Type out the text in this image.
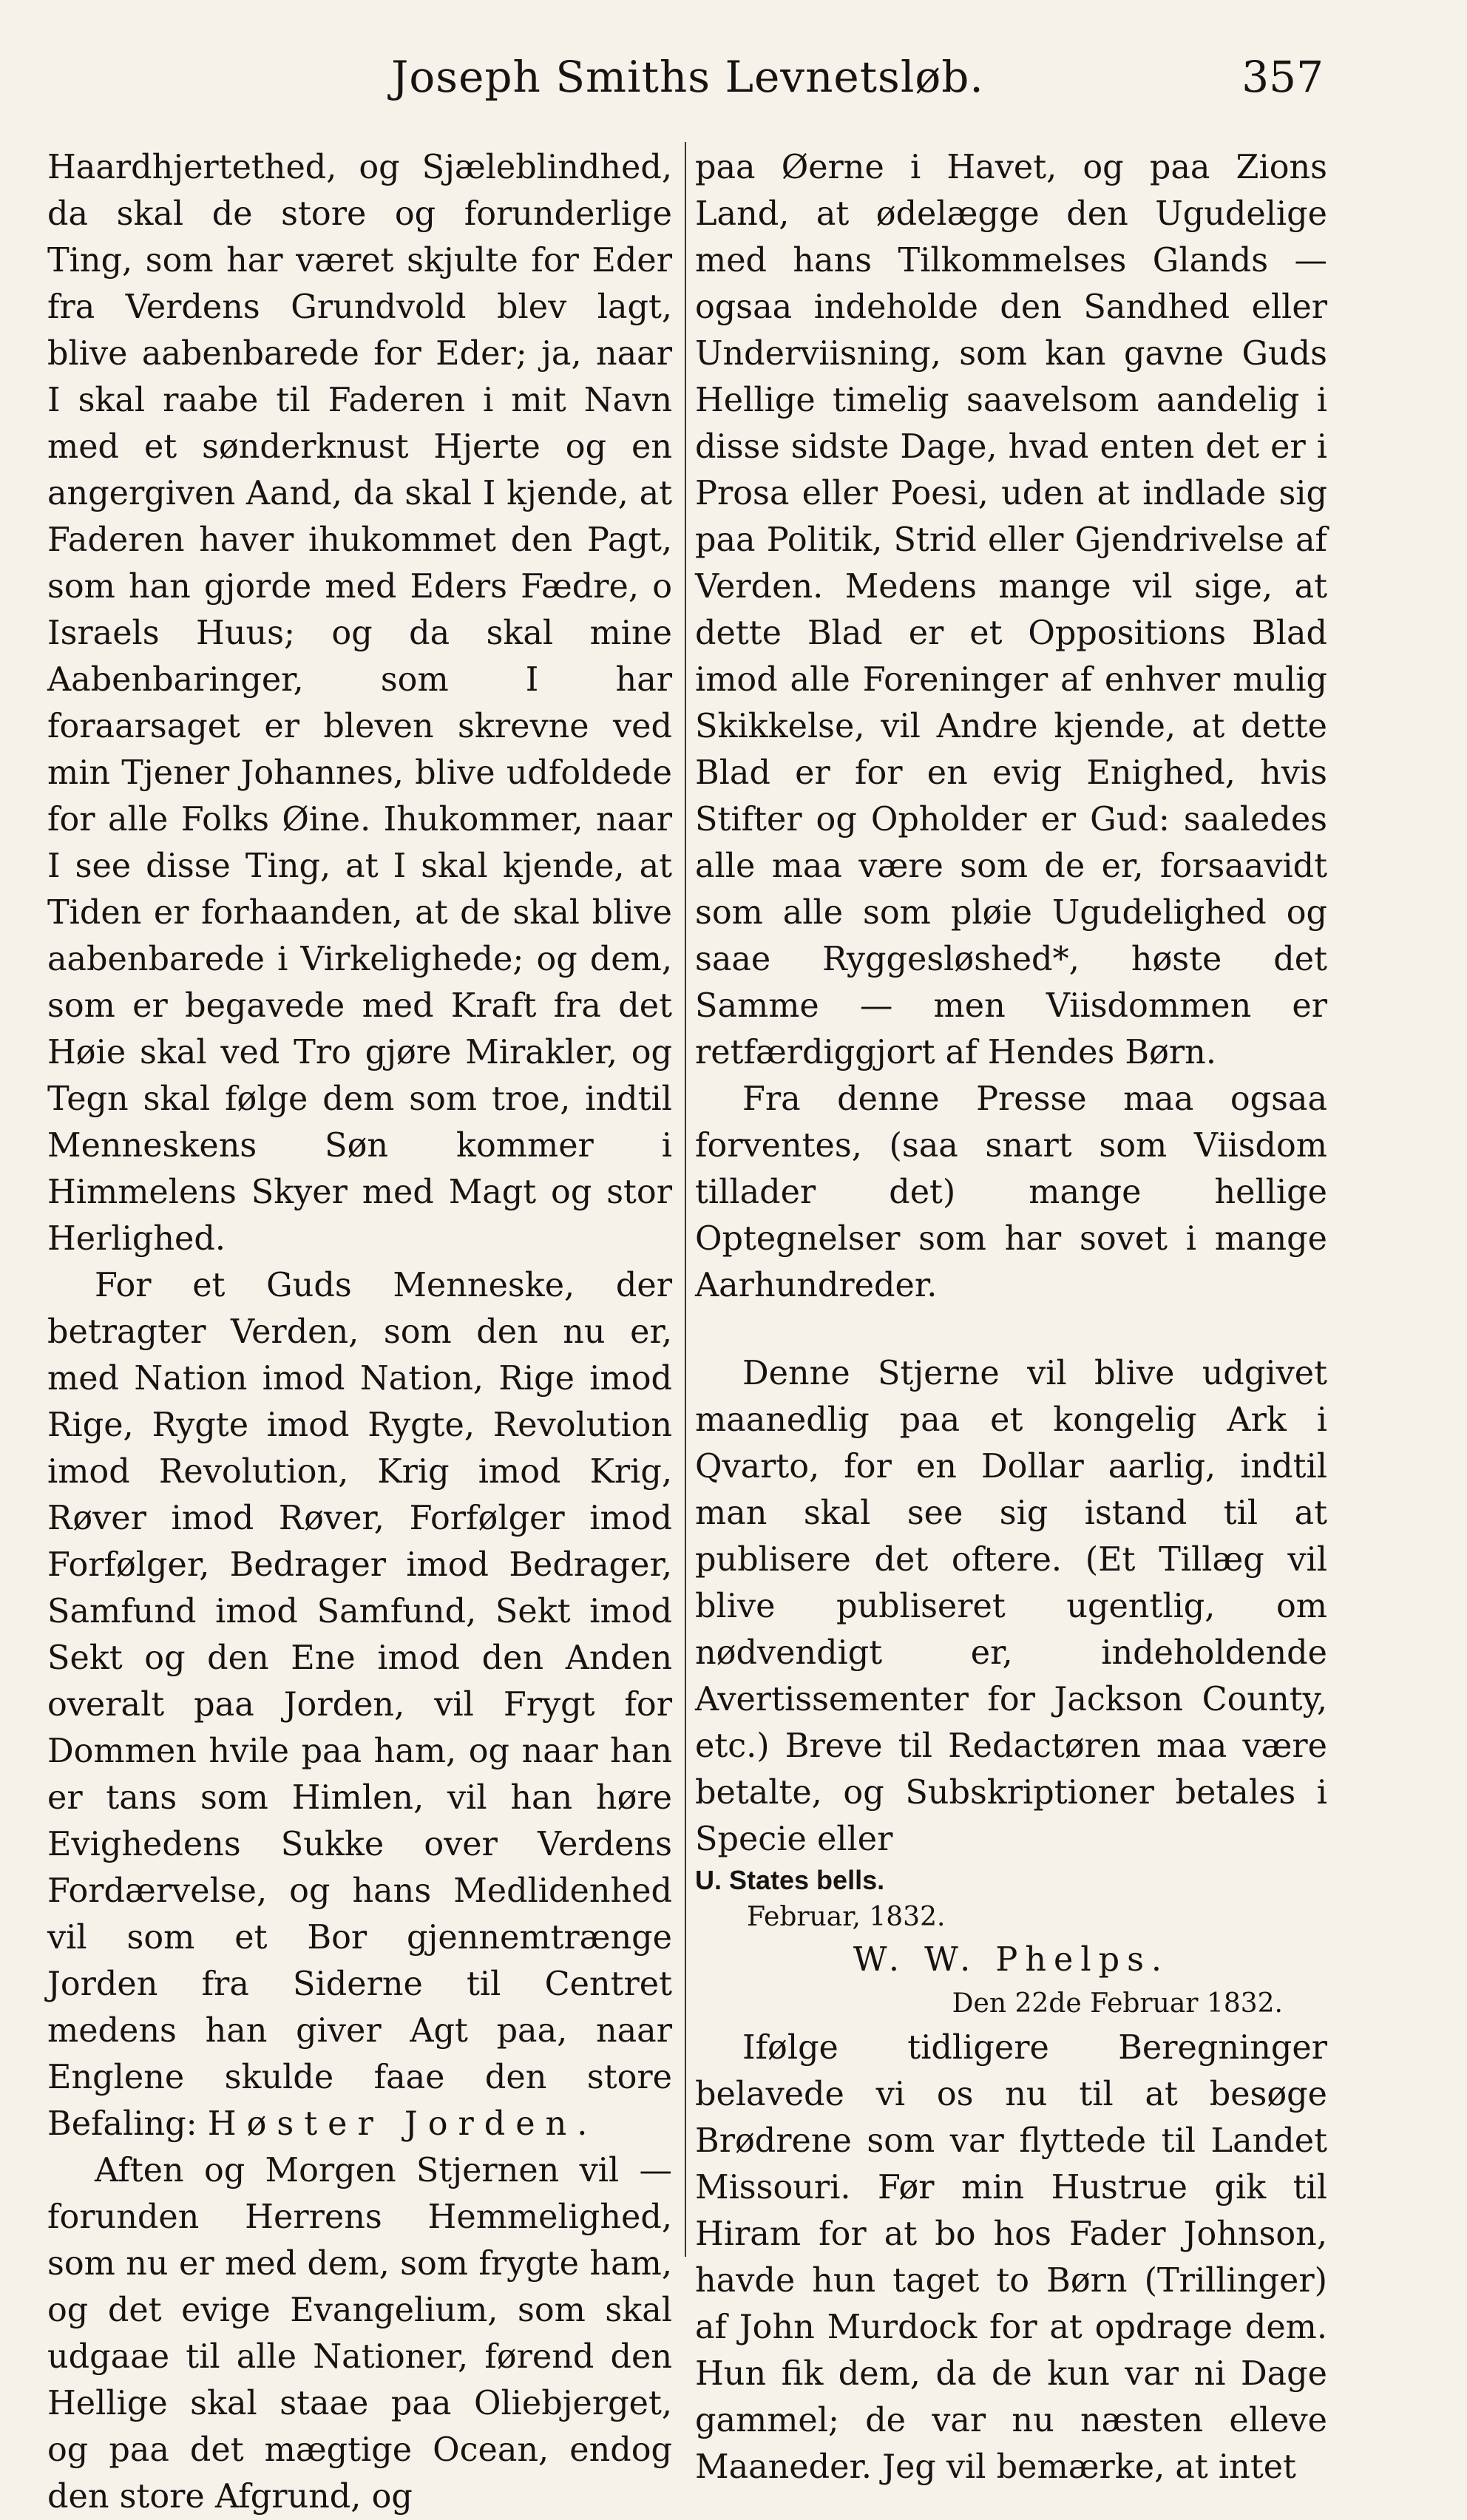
Joseph Smiths Levnetsløb.	357

Haardhjertethed, og Sjæleblindhed, da skal de store og forunderlige Ting, som har været skjulte for Eder fra Verdens Grundvold blev lagt, blive aabenbarede for Eder; ja, naar I skal raabe til Faderen i mit Navn med et sønderknust Hjerte og en angergiven Aand, da skal I kjende, at Faderen haver ihukommet den Pagt, som han gjorde med Eders Fædre, o Israels Huus; og da skal mine Aabenbaringer, som I har foraarsaget er bleven skrevne ved min Tjener Johannes, blive udfoldede for alle Folks Øine. Ihukommer, naar I see disse Ting, at I skal kjende, at Tiden er forhaanden, at de skal blive aabenbarede i Virkelighede; og dem, som er begavede med Kraft fra det Høie skal ved Tro gjøre Mirakler, og Tegn skal følge dem som troe, indtil Menneskens Søn kommer i Himmelens Skyer med Magt og stor Herlighed.

For et Guds Menneske, der betragter Verden, som den nu er, med Nation imod Nation, Rige imod Rige, Rygte imod Rygte, Revolution imod Revolution, Krig imod Krig, Røver imod Røver, Forfølger imod Forfølger, Bedrager imod Bedrager, Samfund imod Samfund, Sekt imod Sekt og den Ene imod den Anden overalt paa Jorden, vil Frygt for Dommen hvile paa ham, og naar han er tans som Himlen, vil han høre Evighedens Sukke over Verdens Fordærvelse, og hans Medlidenhed vil som et Bor gjennemtrænge Jorden fra Siderne til Centret medens han giver Agt paa, naar Englene skulde faae den store Befaling: Høster Jorden.

Aften og Morgen Stjernen vil — forunden Herrens Hemmelighed, som nu er med dem, som frygte ham, og det evige Evangelium, som skal udgaae til alle Nationer, førend den Hellige skal staae paa Oliebjerget, og paa det mægtige Ocean, endog den store Afgrund, og

paa Øerne i Havet, og paa Zions Land, at ødelægge den Ugudelige med hans Tilkommelses Glands — ogsaa indeholde den Sandhed eller Underviisning, som kan gavne Guds Hellige timelig saavelsom aandelig i disse sidste Dage, hvad enten det er i Prosa eller Poesi, uden at indlade sig paa Politik, Strid eller Gjendrivelse af Verden. Medens mange vil sige, at dette Blad er et Oppositions Blad imod alle Foreninger af enhver mulig Skikkelse, vil Andre kjende, at dette Blad er for en evig Enighed, hvis Stifter og Opholder er Gud: saaledes alle maa være som de er, forsaavidt som alle som pløie Ugudelighed og saae Ryggesløshed*, høste det Samme — men Viisdommen er retfærdiggjort af Hendes Børn.

Fra denne Presse maa ogsaa forventes, (saa snart som Viisdom tillader det) mange hellige Optegnelser som har sovet i mange Aarhundreder.

Denne Stjerne vil blive udgivet maanedlig paa et kongelig Ark i Qvarto, for en Dollar aarlig, indtil man skal see sig istand til at publisere det oftere. (Et Tillæg vil blive publiseret ugentlig, om nødvendigt er, indeholdende Avertissementer for Jackson County, etc.) Breve til Redactøren maa være betalte, og Subskriptioner betales i Specie eller

U. States bells.

Februar, 1832.

W. W. Phelps.

Den 22de Februar 1832.

Ifølge tidligere Beregninger belavede vi os nu til at besøge Brødrene som var flyttede til Landet Missouri. Før min Hustrue gik til Hiram for at bo hos Fader Johnson, havde hun taget to Børn (Trillinger) af John Murdock for at opdrage dem. Hun fik dem, da de kun var ni Dage gammel; de var nu næsten elleve Maaneder. Jeg vil bemærke, at intet
